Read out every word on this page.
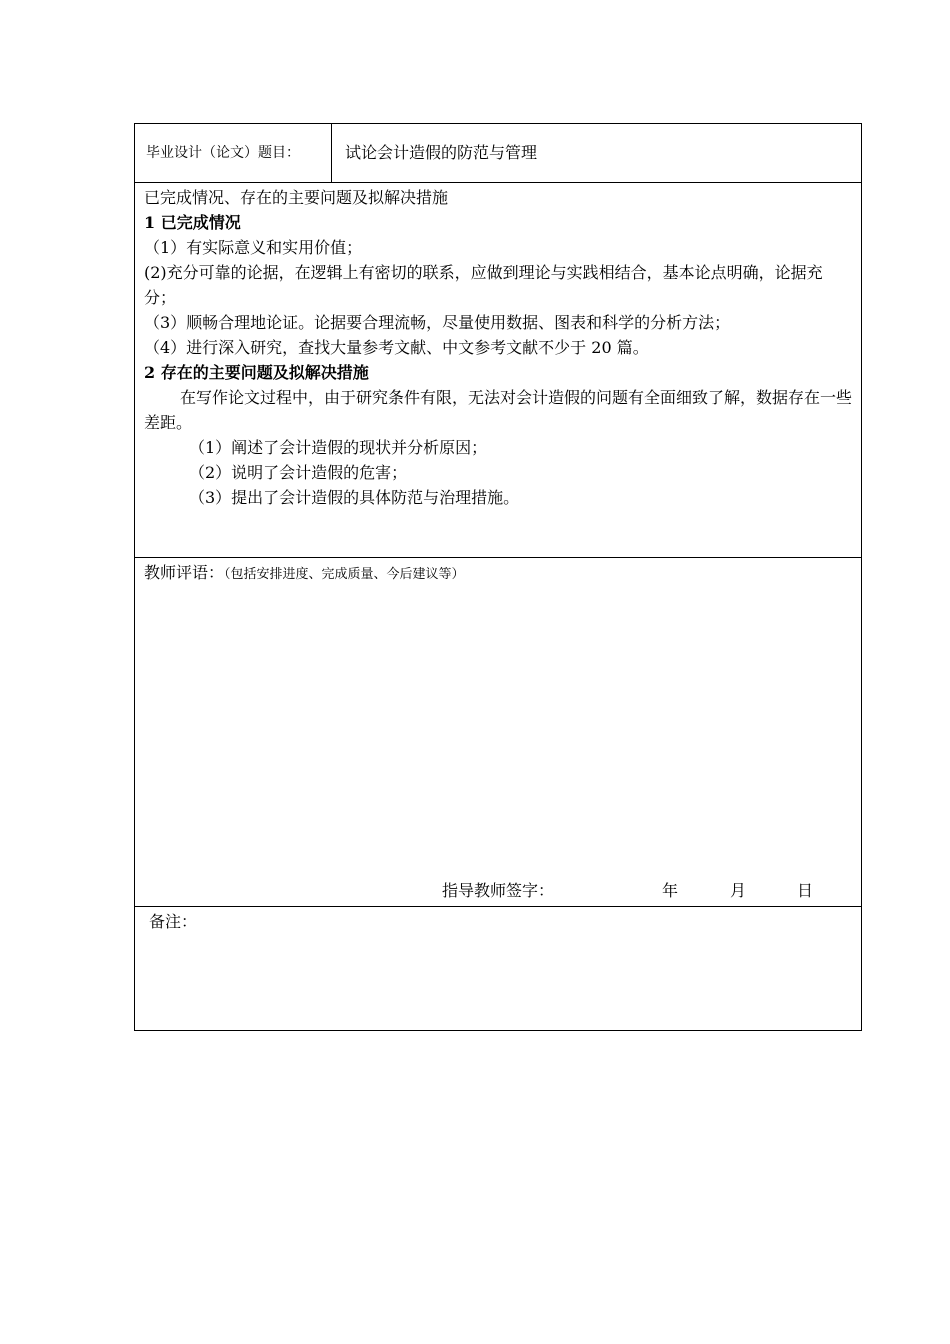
毕业设计（论文）题目：	试论会计造假的防范与管理

已完成情况、存在的主要问题及拟解决措施

1 已完成情况

（1）有实际意义和实用价值；

(2)充分可靠的论据，在逻辑上有密切的联系，应做到理论与实践相结合，基本论点明确，论据充分；

（3）顺畅合理地论证。论据要合理流畅，尽量使用数据、图表和科学的分析方法；

（4）进行深入研究，查找大量参考文献、中文参考文献不少于 20 篇。

2 存在的主要问题及拟解决措施

在写作论文过程中，由于研究条件有限，无法对会计造假的问题有全面细致了解，数据存在一些差距。

（1）阐述了会计造假的现状并分析原因；

（2）说明了会计造假的危害；

（3）提出了会计造假的具体防范与治理措施。

教师评语：（包括安排进度、完成质量、今后建议等）
指导教师签字：	年	月	日
备注：
